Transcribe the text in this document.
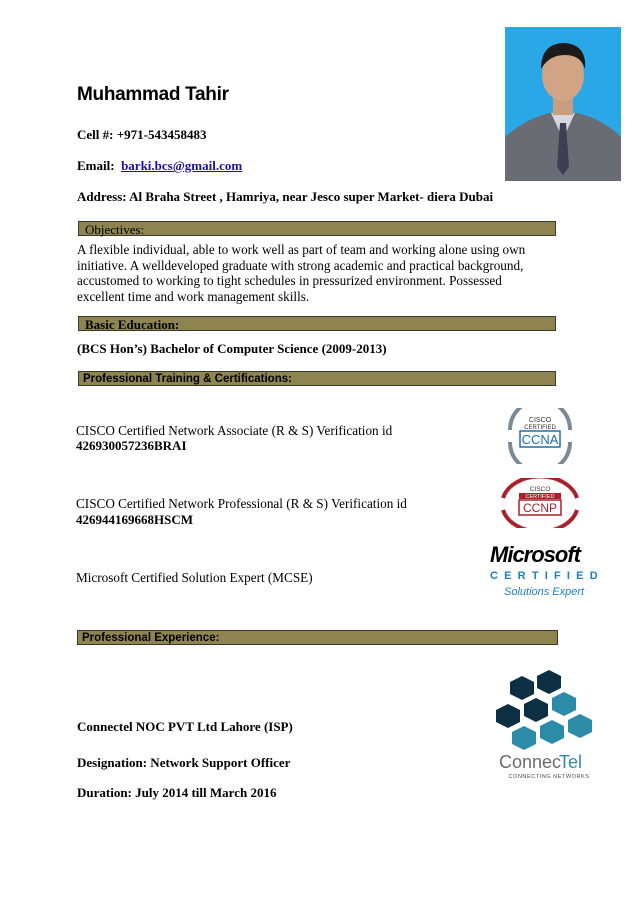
Muhammad Tahir
Cell #: +971-543458483
Email: barki.bcs@gmail.com
Address: Al Braha Street , Hamriya, near Jesco super Market- diera Dubai
Objectives:
A flexible individual, able to work well as part of team and working alone using own initiative. A welldeveloped graduate with strong academic and practical background, accustomed to working to tight schedules in pressurized environment. Possessed excellent time and work management skills.
Basic Education:
(BCS Hon’s) Bachelor of Computer Science (2009-2013)
Professional Training & Certifications:
CISCO Certified Network Associate (R & S) Verification id
426930057236BRAI
CISCO Certified Network Professional (R & S) Verification id
426944169668HSCM
Microsoft Certified Solution Expert (MCSE)
CISCO
CERTIFIED
CCNA
CISCO
CERTIFIED
CCNP
Microsoft
CERTIFIED
Solutions Expert
Professional Experience:
Connec
Tel
CONNECTING NETWORKS
Connectel NOC PVT Ltd Lahore (ISP)
Designation: Network Support Officer
Duration: July 2014 till March 2016
